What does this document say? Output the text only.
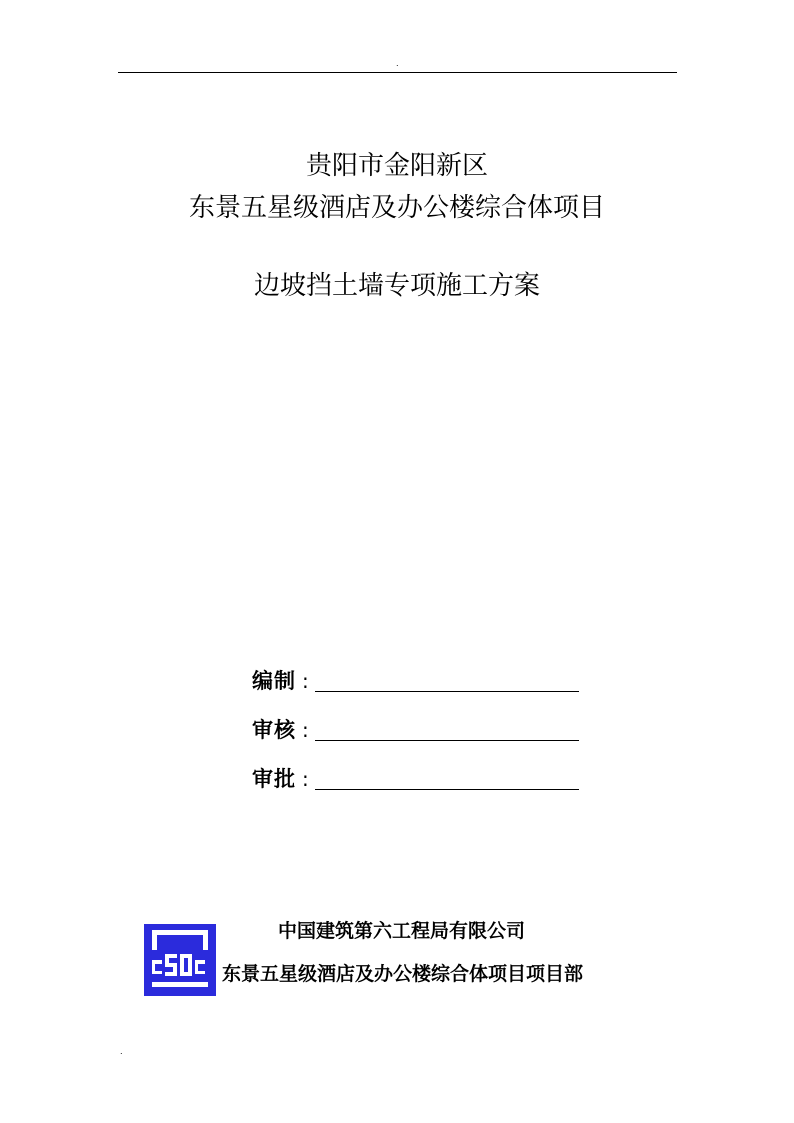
.
贵阳市金阳新区
东景五星级酒店及办公楼综合体项目
边坡挡土墙专项施工方案
编制 :
审核 :
审批 :
中国建筑第六工程局有限公司
东景五星级酒店及办公楼综合体项目项目部
.
